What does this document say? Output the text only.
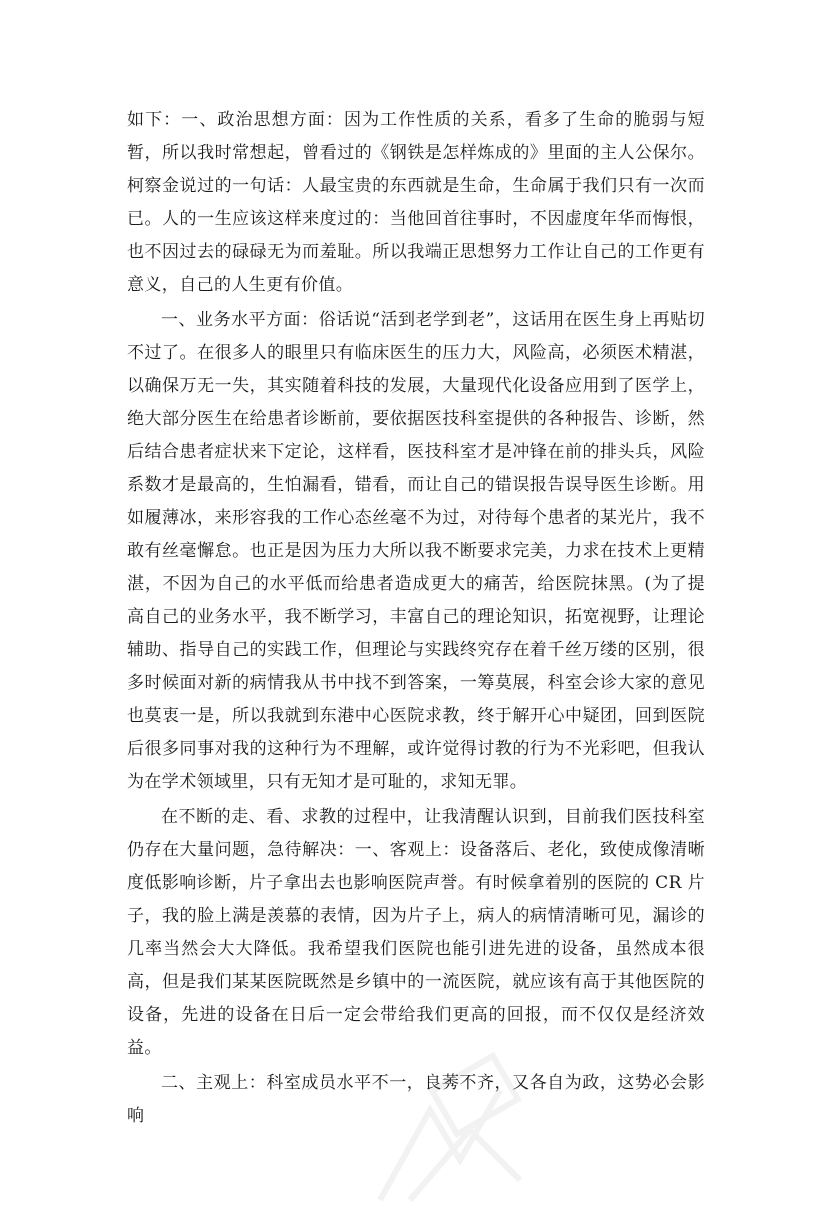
如下：一、政治思想方面：因为工作性质的关系，看多了生命的脆弱与短暂，所以我时常想起，曾看过的《钢铁是怎样炼成的》里面的主人公保尔。柯察金说过的一句话：人最宝贵的东西就是生命，生命属于我们只有一次而已。人的一生应该这样来度过的：当他回首往事时，不因虚度年华而悔恨，也不因过去的碌碌无为而羞耻。所以我端正思想努力工作让自己的工作更有意义，自己的人生更有价值。

一、业务水平方面：俗话说“活到老学到老”，这话用在医生身上再贴切不过了。在很多人的眼里只有临床医生的压力大，风险高，必须医术精湛，以确保万无一失，其实随着科技的发展，大量现代化设备应用到了医学上，绝大部分医生在给患者诊断前，要依据医技科室提供的各种报告、诊断，然后结合患者症状来下定论，这样看，医技科室才是冲锋在前的排头兵，风险系数才是最高的，生怕漏看，错看，而让自己的错误报告误导医生诊断。用如履薄冰，来形容我的工作心态丝毫不为过，对待每个患者的某光片，我不敢有丝毫懈怠。也正是因为压力大所以我不断要求完美，力求在技术上更精湛，不因为自己的水平低而给患者造成更大的痛苦，给医院抹黑。(为了提高自己的业务水平，我不断学习，丰富自己的理论知识，拓宽视野，让理论辅助、指导自己的实践工作，但理论与实践终究存在着千丝万缕的区别，很多时候面对新的病情我从书中找不到答案，一筹莫展，科室会诊大家的意见也莫衷一是，所以我就到东港中心医院求教，终于解开心中疑团，回到医院后很多同事对我的这种行为不理解，或许觉得讨教的行为不光彩吧，但我认为在学术领域里，只有无知才是可耻的，求知无罪。

在不断的走、看、求教的过程中，让我清醒认识到，目前我们医技科室仍存在大量问题，急待解决：一、客观上：设备落后、老化，致使成像清晰度低影响诊断，片子拿出去也影响医院声誉。有时候拿着别的医院的 CR 片子，我的脸上满是羡慕的表情，因为片子上，病人的病情清晰可见，漏诊的几率当然会大大降低。我希望我们医院也能引进先进的设备，虽然成本很高，但是我们某某医院既然是乡镇中的一流医院，就应该有高于其他医院的设备，先进的设备在日后一定会带给我们更高的回报，而不仅仅是经济效益。

二、主观上：科室成员水平不一，良莠不齐，又各自为政，这势必会影响
